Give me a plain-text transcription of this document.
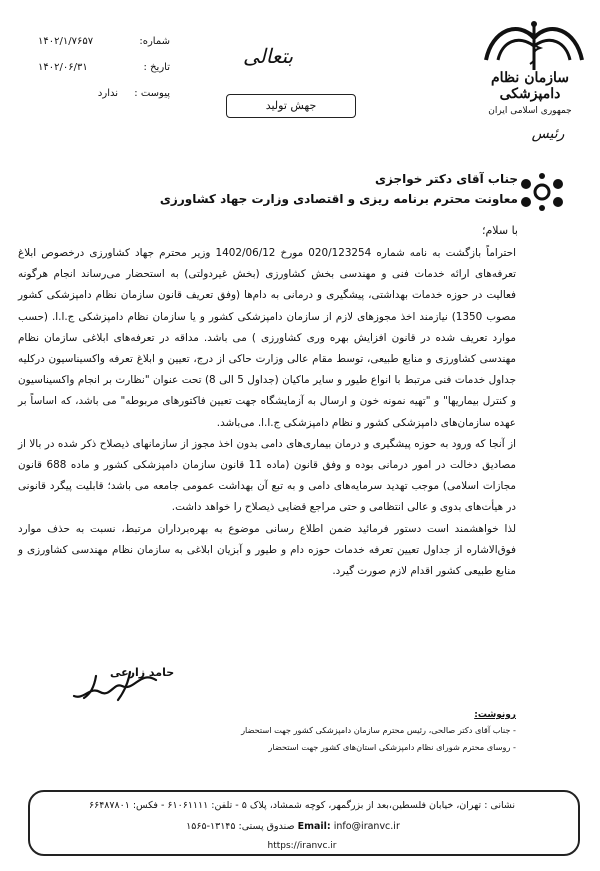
سازمان نظام دامپزشکی
جمهوری اسلامی ایران
رئیس
بتعالی
جهش تولید
شماره:
۱۴۰۲/۱/۷۶۵۷
تاریخ :
۱۴۰۲/۰۶/۳۱
پیوست :
ندارد
جناب آقای دکتر خواجزی
معاونت محترم برنامه ریزی و اقتصادی وزارت جهاد کشاورزی
با سلام؛

احتراماً بازگشت به نامه شماره 020/123254 مورخ 1402/06/12 وزیر محترم جهاد کشاورزی درخصوص ابلاغ تعرفه‌های ارائه خدمات فنی و مهندسی بخش کشاورزی (بخش غیردولتی) به استحضار می‌رساند انجام هرگونه فعالیت در حوزه خدمات بهداشتی، پیشگیری و درمانی به دام‌ها (وفق تعریف قانون سازمان نظام دامپزشکی کشور مصوب 1350) نیازمند اخذ مجوزهای لازم از سازمان دامپزشکی کشور و یا سازمان نظام دامپزشکی ج.ا.ا. (حسب موارد تعریف شده در قانون افزایش بهره وری کشاورزی ) می باشد. مداقه در تعرفه‌های ابلاغی سازمان نظام مهندسی کشاورزی و منابع طبیعی، توسط مقام عالی وزارت حاکی از درج، تعیین و ابلاغ تعرفه واکسیناسیون درکلیه جداول خدمات فنی مرتبط با انواع طیور و سایر ماکیان (جداول 5 الی 8) تحت عنوان "نظارت بر انجام واکسیناسیون و کنترل بیماریها" و "تهیه نمونه خون و ارسال به آزمایشگاه جهت تعیین فاکتورهای مربوطه" می باشد، که اساساً بر عهده سازمان‌های دامپزشکی کشور و نظام دامپزشکی ج.ا.ا. می‌باشد.

از آنجا که ورود به حوزه پیشگیری و درمان بیماری‌های دامی بدون اخذ مجوز از سازمانهای ذیصلاح ذکر شده در بالا از مصادیق دخالت در امور درمانی بوده و وفق قانون (ماده 11 قانون سازمان دامپزشکی کشور و ماده 688 قانون مجازات اسلامی) موجب تهدید سرمایه‌های دامی و به تبع آن بهداشت عمومی جامعه می باشد؛ قابلیت پیگرد قانونی در هیأت‌های بدوی و عالی انتظامی و حتی مراجع قضایی ذیصلاح را خواهد داشت.

لذا خواهشمند است دستور فرمائید ضمن اطلاع رسانی موضوع به بهره‌برداران مرتبط، نسبت به حذف موارد فوق‌الاشاره از جداول تعیین تعرفه خدمات حوزه دام و طیور و آبزیان ابلاغی به سازمان نظام مهندسی کشاورزی و منابع طبیعی کشور اقدام لازم صورت گیرد.

حامد زارعی
رونوشت:
- جناب آقای دکتر صالحی، رئیس محترم سازمان دامپزشکی کشور جهت استحضار
- روسای محترم شورای نظام دامپزشکی استان‌های کشور جهت استحضار
نشانی : تهران، خیابان فلسطین،بعد از بزرگمهر، کوچه شمشاد، پلاک ۵ - تلفن: ۶۱۰۶۱۱۱۱ - فکس: ۶۶۴۸۷۸۰۱
صندوق پستی: ۱۳۱۴۵-۱۵۶۵ Email: info@iranvc.ir
https://iranvc.ir
